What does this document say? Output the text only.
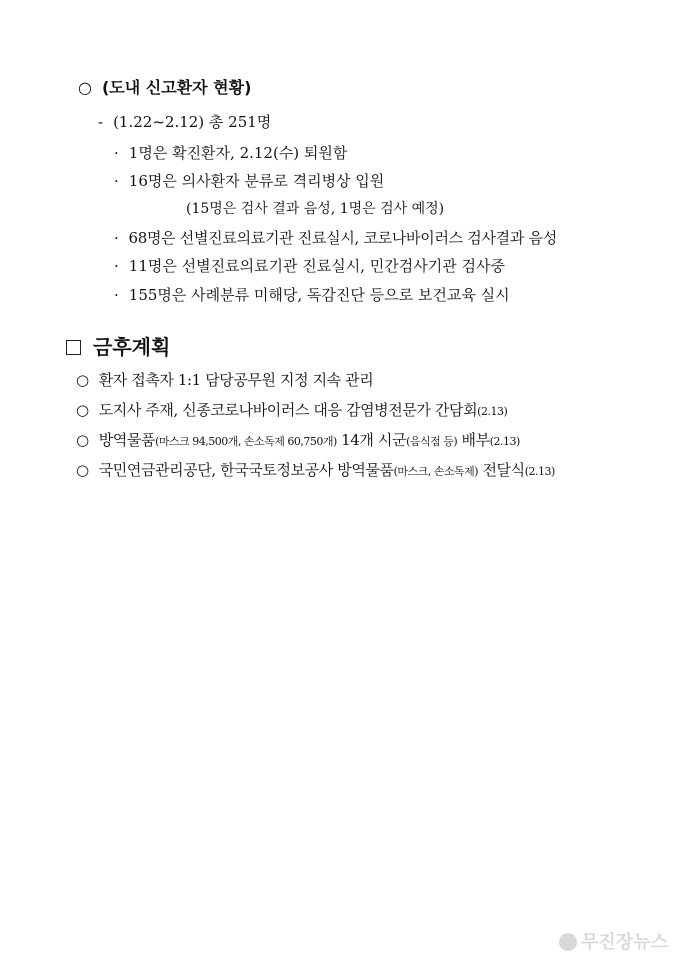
○ (도내 신고환자 현황)
- (1.22~2.12) 총 251명
· 1명은 확진환자, 2.12(수) 퇴원함
· 16명은 의사환자 분류로 격리병상 입원
(15명은 검사 결과 음성, 1명은 검사 예정)
· 68명은 선별진료의료기관 진료실시, 코로나바이러스 검사결과 음성
· 11명은 선별진료의료기관 진료실시, 민간검사기관 검사중
· 155명은 사례분류 미해당, 독감진단 등으로 보건교육 실시
금후계획
○ 환자 접촉자 1:1 담당공무원 지정 지속 관리
○ 도지사 주재, 신종코로나바이러스 대응 감염병전문가 간담회(2.13)
○ 방역물품(마스크 94,500개, 손소독제 60,750개) 14개 시군(음식점 등) 배부(2.13)
○ 국민연금관리공단, 한국국토정보공사 방역물품(마스크, 손소독제) 전달식(2.13)
무진장뉴스
